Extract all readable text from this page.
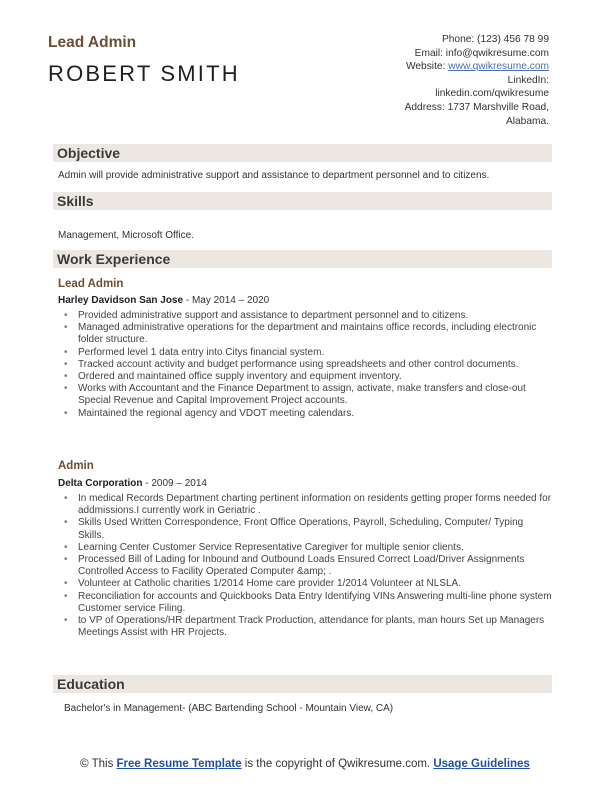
Lead Admin
ROBERT SMITH
Phone: (123) 456 78 99
Email: info@qwikresume.com
Website: www.qwikresume.com
LinkedIn:
linkedin.com/qwikresume
Address: 1737 Marshville Road,
Alabama.
Objective
Admin will provide administrative support and assistance to department personnel and to citizens.
Skills
Management, Microsoft Office.
Work Experience
Lead Admin
Harley Davidson San Jose - May 2014 – 2020
• Provided administrative support and assistance to department personnel and to citizens.
• Managed administrative operations for the department and maintains office records, including electronic folder structure.
• Performed level 1 data entry into Citys financial system.
• Tracked account activity and budget performance using spreadsheets and other control documents.
• Ordered and maintained office supply inventory and equipment inventory.
• Works with Accountant and the Finance Department to assign, activate, make transfers and close-out Special Revenue and Capital Improvement Project accounts.
• Maintained the regional agency and VDOT meeting calendars.
Admin
Delta Corporation - 2009 – 2014
• In medical Records Department charting pertinent information on residents getting proper forms needed for addmissions.I currently work in Geriatric .
• Skills Used Written Correspondence, Front Office Operations, Payroll, Scheduling, Computer/ Typing Skills.
• Learning Center Customer Service Representative Caregiver for multiple senior clients.
• Processed Bill of Lading for Inbound and Outbound Loads Ensured Correct Load/Driver Assignments Controlled Access to Facility Operated Computer &amp; .
• Volunteer at Catholic charities 1/2014 Home care provider 1/2014 Volunteer at NLSLA.
• Reconciliation for accounts and Quickbooks Data Entry Identifying VINs Answering multi-line phone system Customer service Filing.
• to VP of Operations/HR department Track Production, attendance for plants, man hours Set up Managers Meetings Assist with HR Projects.
Education
Bachelor's in Management- (ABC Bartending School - Mountain View, CA)
© This Free Resume Template is the copyright of Qwikresume.com. Usage Guidelines
